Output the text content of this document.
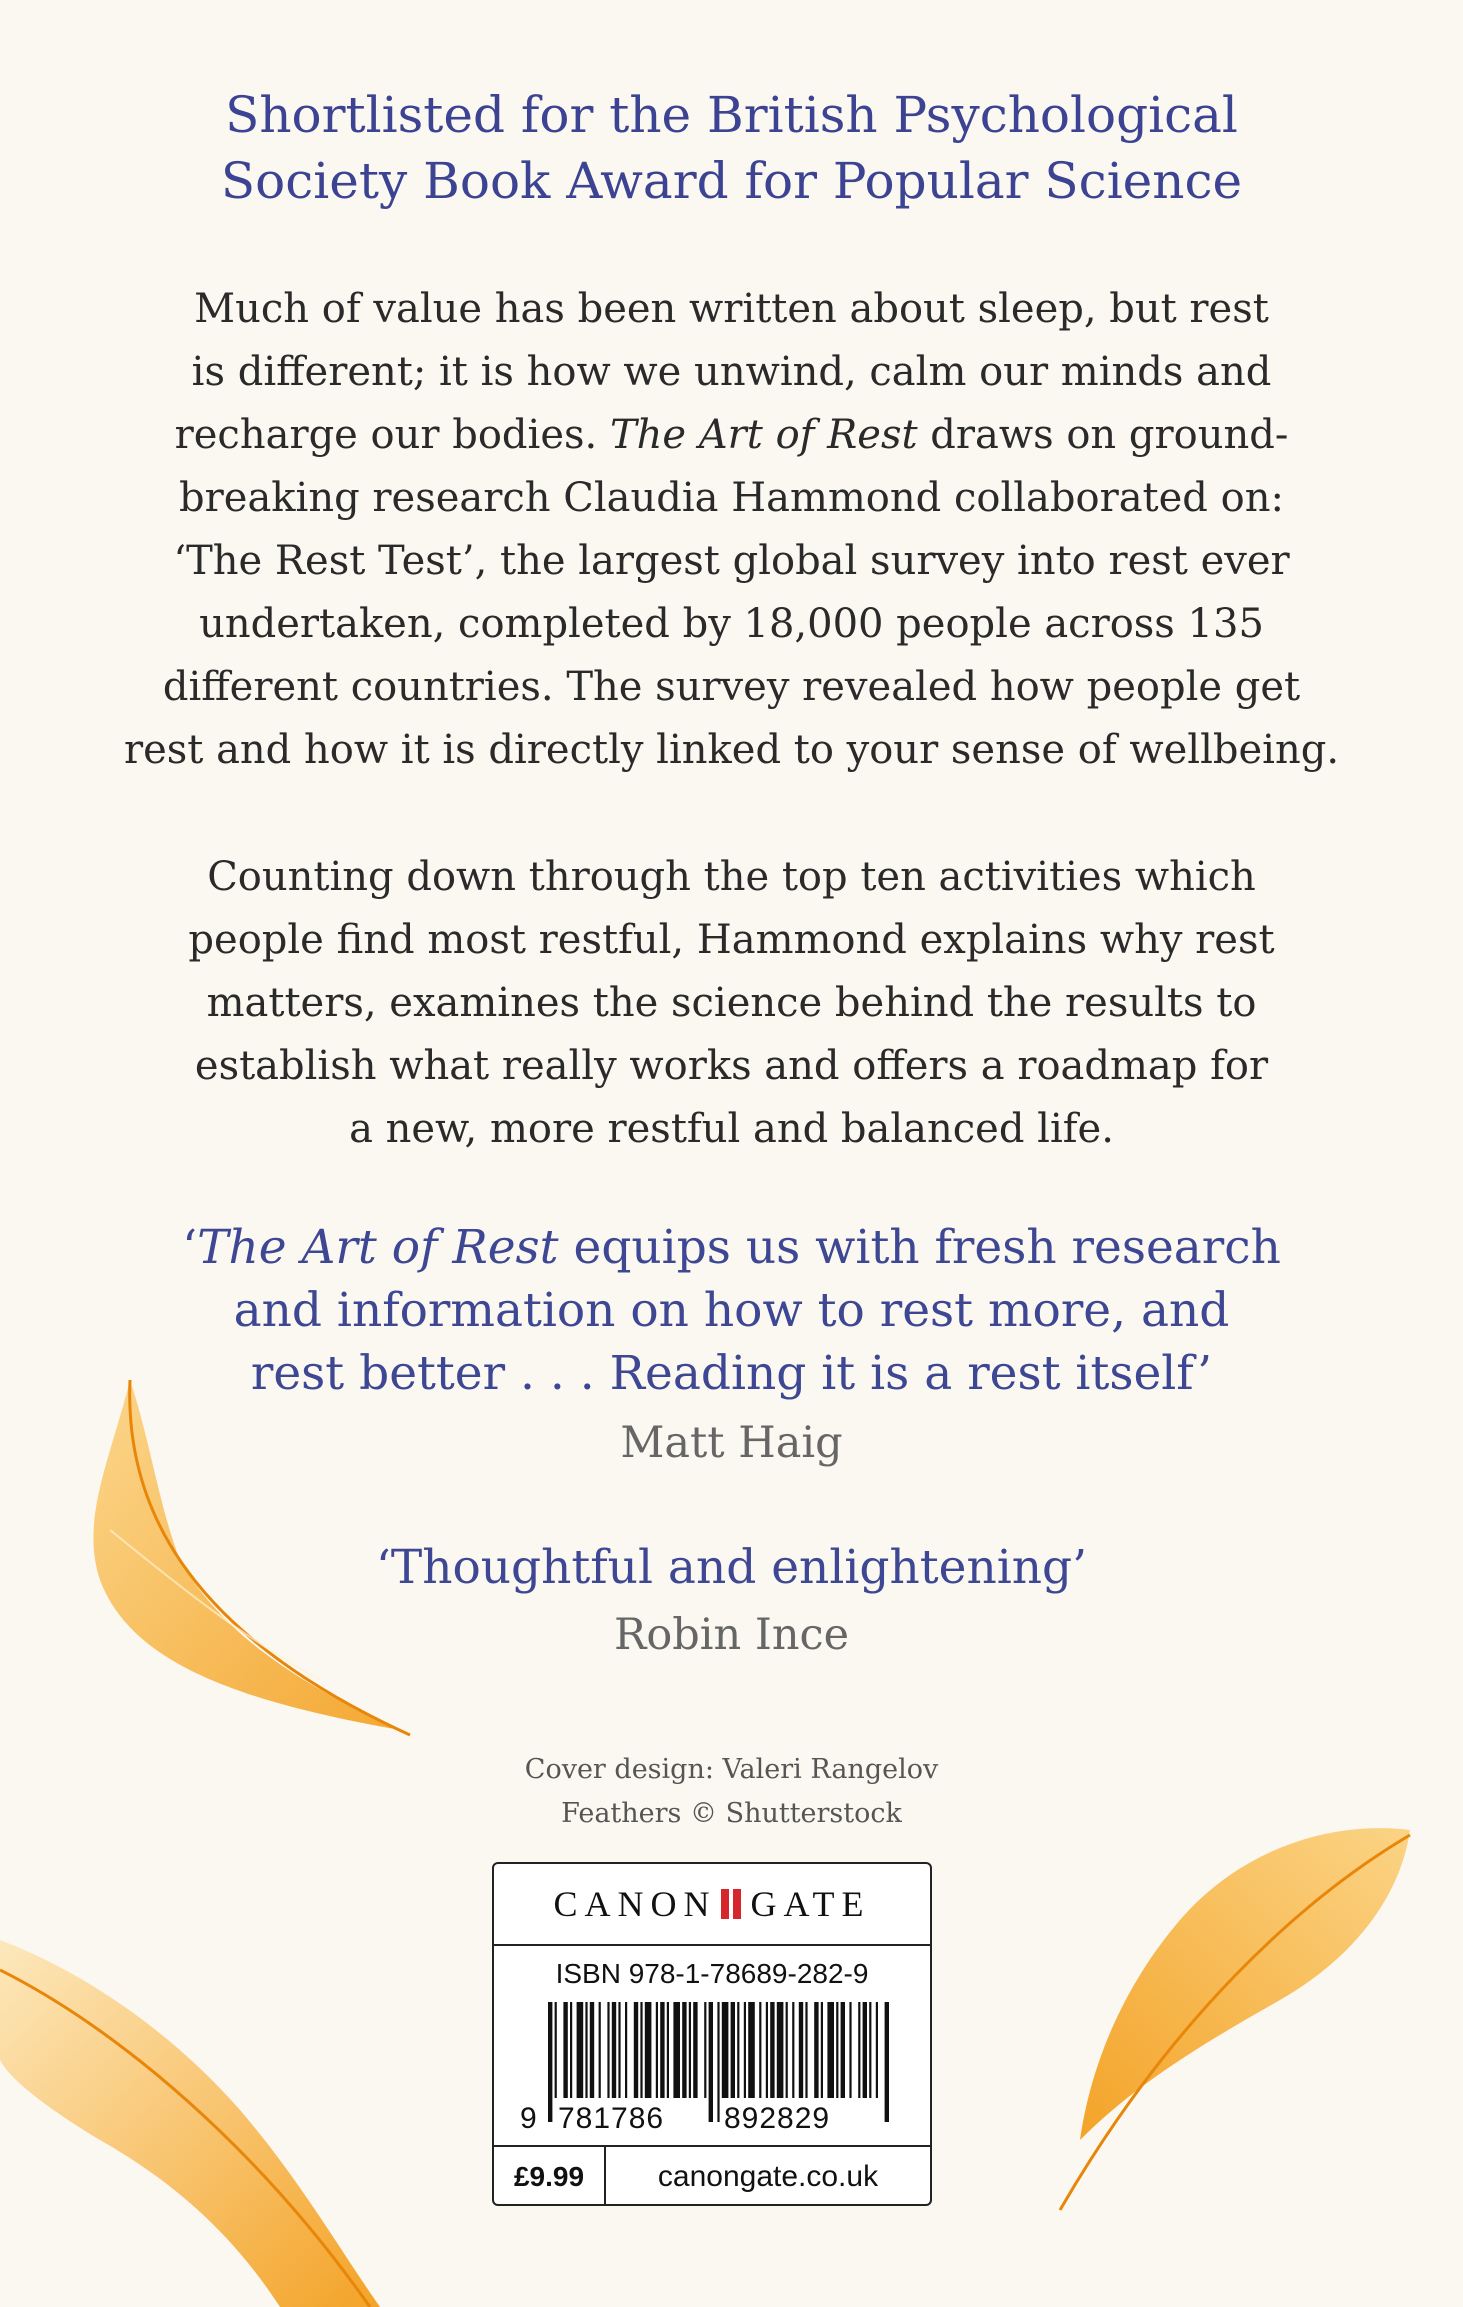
Shortlisted for the British Psychological
Society Book Award for Popular Science

Much of value has been written about sleep, but rest

is different; it is how we unwind, calm our minds and

recharge our bodies. The Art of Rest draws on ground-

breaking research Claudia Hammond collaborated on:

‘The Rest Test’, the largest global survey into rest ever

undertaken, completed by 18,000 people across 135

different countries. The survey revealed how people get

rest and how it is directly linked to your sense of wellbeing.

Counting down through the top ten activities which

people find most restful, Hammond explains why rest

matters, examines the science behind the results to

establish what really works and offers a roadmap for

a new, more restful and balanced life.

‘The Art of Rest equips us with fresh research

and information on how to rest more, and

rest better . . . Reading it is a rest itself’

Matt Haig

‘Thoughtful and enlightening’

Robin Ince

Cover design: Valeri Rangelov

Feathers © Shutterstock

CANON GATE
ISBN 978-1-78689-282-9
9 781786 892829
£9.99	canongate.co.uk
